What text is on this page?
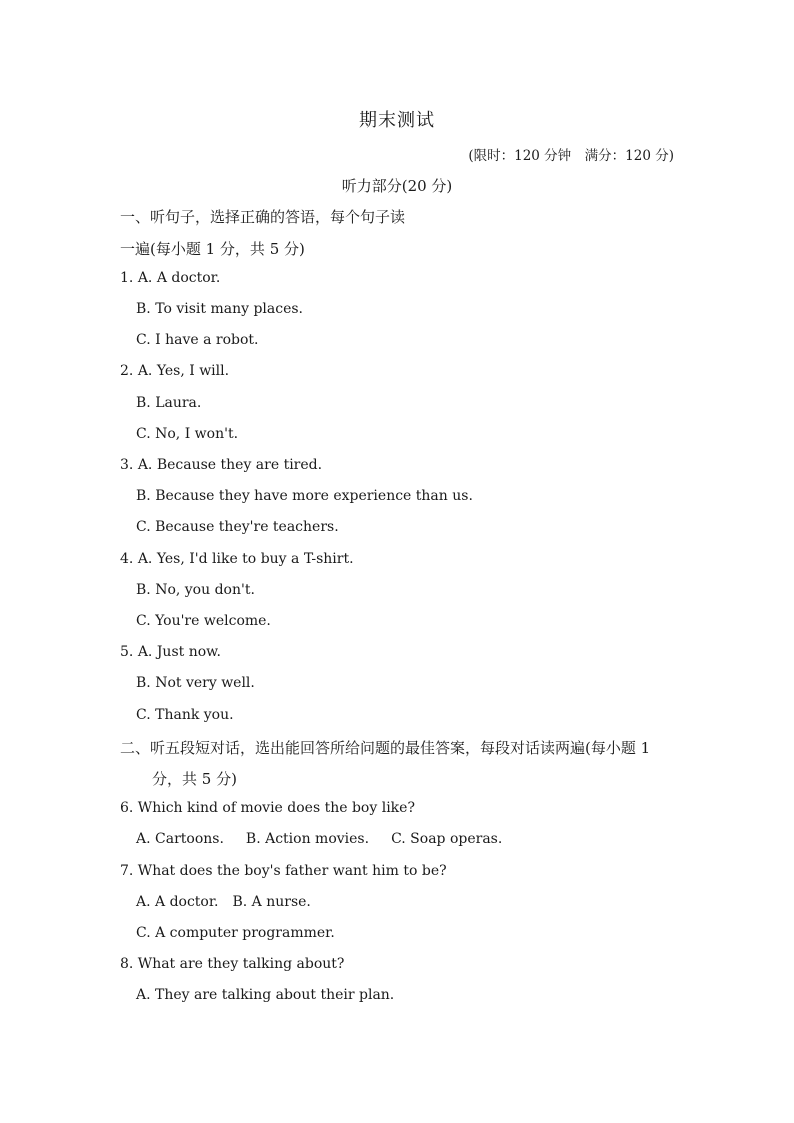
期末测试
(限时：120 分钟　满分：120 分)
听力部分(20 分)
一、听句子，选择正确的答语，每个句子读
一遍(每小题 1 分，共 5 分)
1. A. A doctor.
B. To visit many places.
C. I have a robot.
2. A. Yes, I will.
B. Laura.
C. No, I won't.
3. A. Because they are tired.
B. Because they have more experience than us.
C. Because they're teachers.
4. A. Yes, I'd like to buy a T-shirt.
B. No, you don't.
C. You're welcome.
5. A. Just now.
B. Not very well.
C. Thank you.
二、听五段短对话，选出能回答所给问题的最佳答案，每段对话读两遍(每小题 1
分，共 5 分)
6. Which kind of movie does the boy like?
A. Cartoons. B. Action movies. C. Soap operas.
7. What does the boy's father want him to be?
A. A doctor. B. A nurse.
C. A computer programmer.
8. What are they talking about?
A. They are talking about their plan.
